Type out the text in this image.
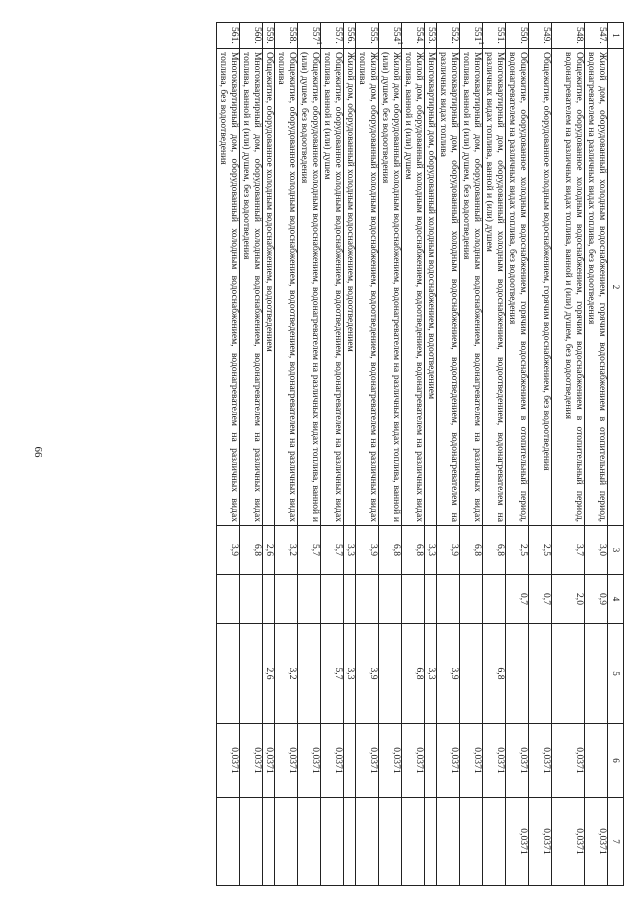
66
1	2	3	4	5	6	7
547.	Жилой дом, оборудованный холодным водоснабжением, горячим водоснабжением в отопительный период, водонагревателем на различных видах топлива, без водоотведения	3,0	0,9			0,0371
548.	Общежитие, оборудованное холодным водоснабжением, горячим водоснабжением в отопительный период, водонагревателем на различных видах топлива, ванной и (или) душем, без водоотведения	3,7	2,0		0,0371	0,0371
549.	Общежитие, оборудованное холодным водоснабжением, горячим водоснабжением, без водоотведения	2,5	0,7		0,0371	0,0371
550.	Общежитие, оборудованное холодным водоснабжением, горячим водоснабжением в отопительный период, водонагревателем на различных видах топлива, без водоотведения	2,5	0,7		0,0371	0,0371
551.	Многоквартирный дом, оборудованный холодным водоснабжением, водоотведением, водонагревателем на различных видах топлива, ванной и (или) душем	6,8		6,8	0,0371	
$551^1$	Многоквартирный дом, оборудованный холодным водоснабжением, водонагревателем на различных видах топлива, ванной и (или) душем, без водоотведения	6,8			0,0371	
552.	Многоквартирный дом, оборудованный холодным водоснабжением, водоотведением, водонагревателем на различных видах топлива	3,9		3,9	0,0371	
553.	Многоквартирный дом, оборудованный холодным водоснабжением, водоотведением	3,3		3,3		
554.	Жилой дом, оборудованный холодным водоснабжением, водоотведением, водонагревателем на различных видах топлива, ванной и (или) душем	6,8		6,8	0,0371	
$554^1$	Жилой дом, оборудованный холодным водоснабжением, водонагревателем на различных видах топлива, ванной и (или) душем, без водоотведения	6,8			0,0371	
555.	Жилой дом, оборудованный холодным водоснабжением, водоотведением, водонагревателем на различных видах топлива	3,9		3,9	0,0371	
556.	Жилой дом, оборудованный холодным водоснабжением, водоотведением	3,3		3,3		
557.	Общежитие, оборудованное холодным водоснабжением, водоотведением, водонагревателем на различных видах топлива, ванной и (или) душем	5,7		5,7	0,0371	
$557^1$	Общежитие, оборудованное холодным водоснабжением, водонагревателем на различных видах топлива, ванной и (или) душем, без водоотведения	5,7			0,0371	
558.	Общежитие, оборудованное холодным водоснабжением, водоотведением, водонагревателем на различных видах топлива	3,2		3,2	0,0371	
559.	Общежитие, оборудованное холодным водоснабжением, водоотведением	2,6		2,6	0,0371	
560.	Многоквартирный дом, оборудованный холодным водоснабжением, водонагревателем на различных видах топлива, ванной и (или) душем, без водоотведения	6,8			0,0371	
561.	Многоквартирный дом, оборудованный холодным водоснабжением, водонагревателем на различных видах топлива, без водоотведения	3,9			0,0371	
